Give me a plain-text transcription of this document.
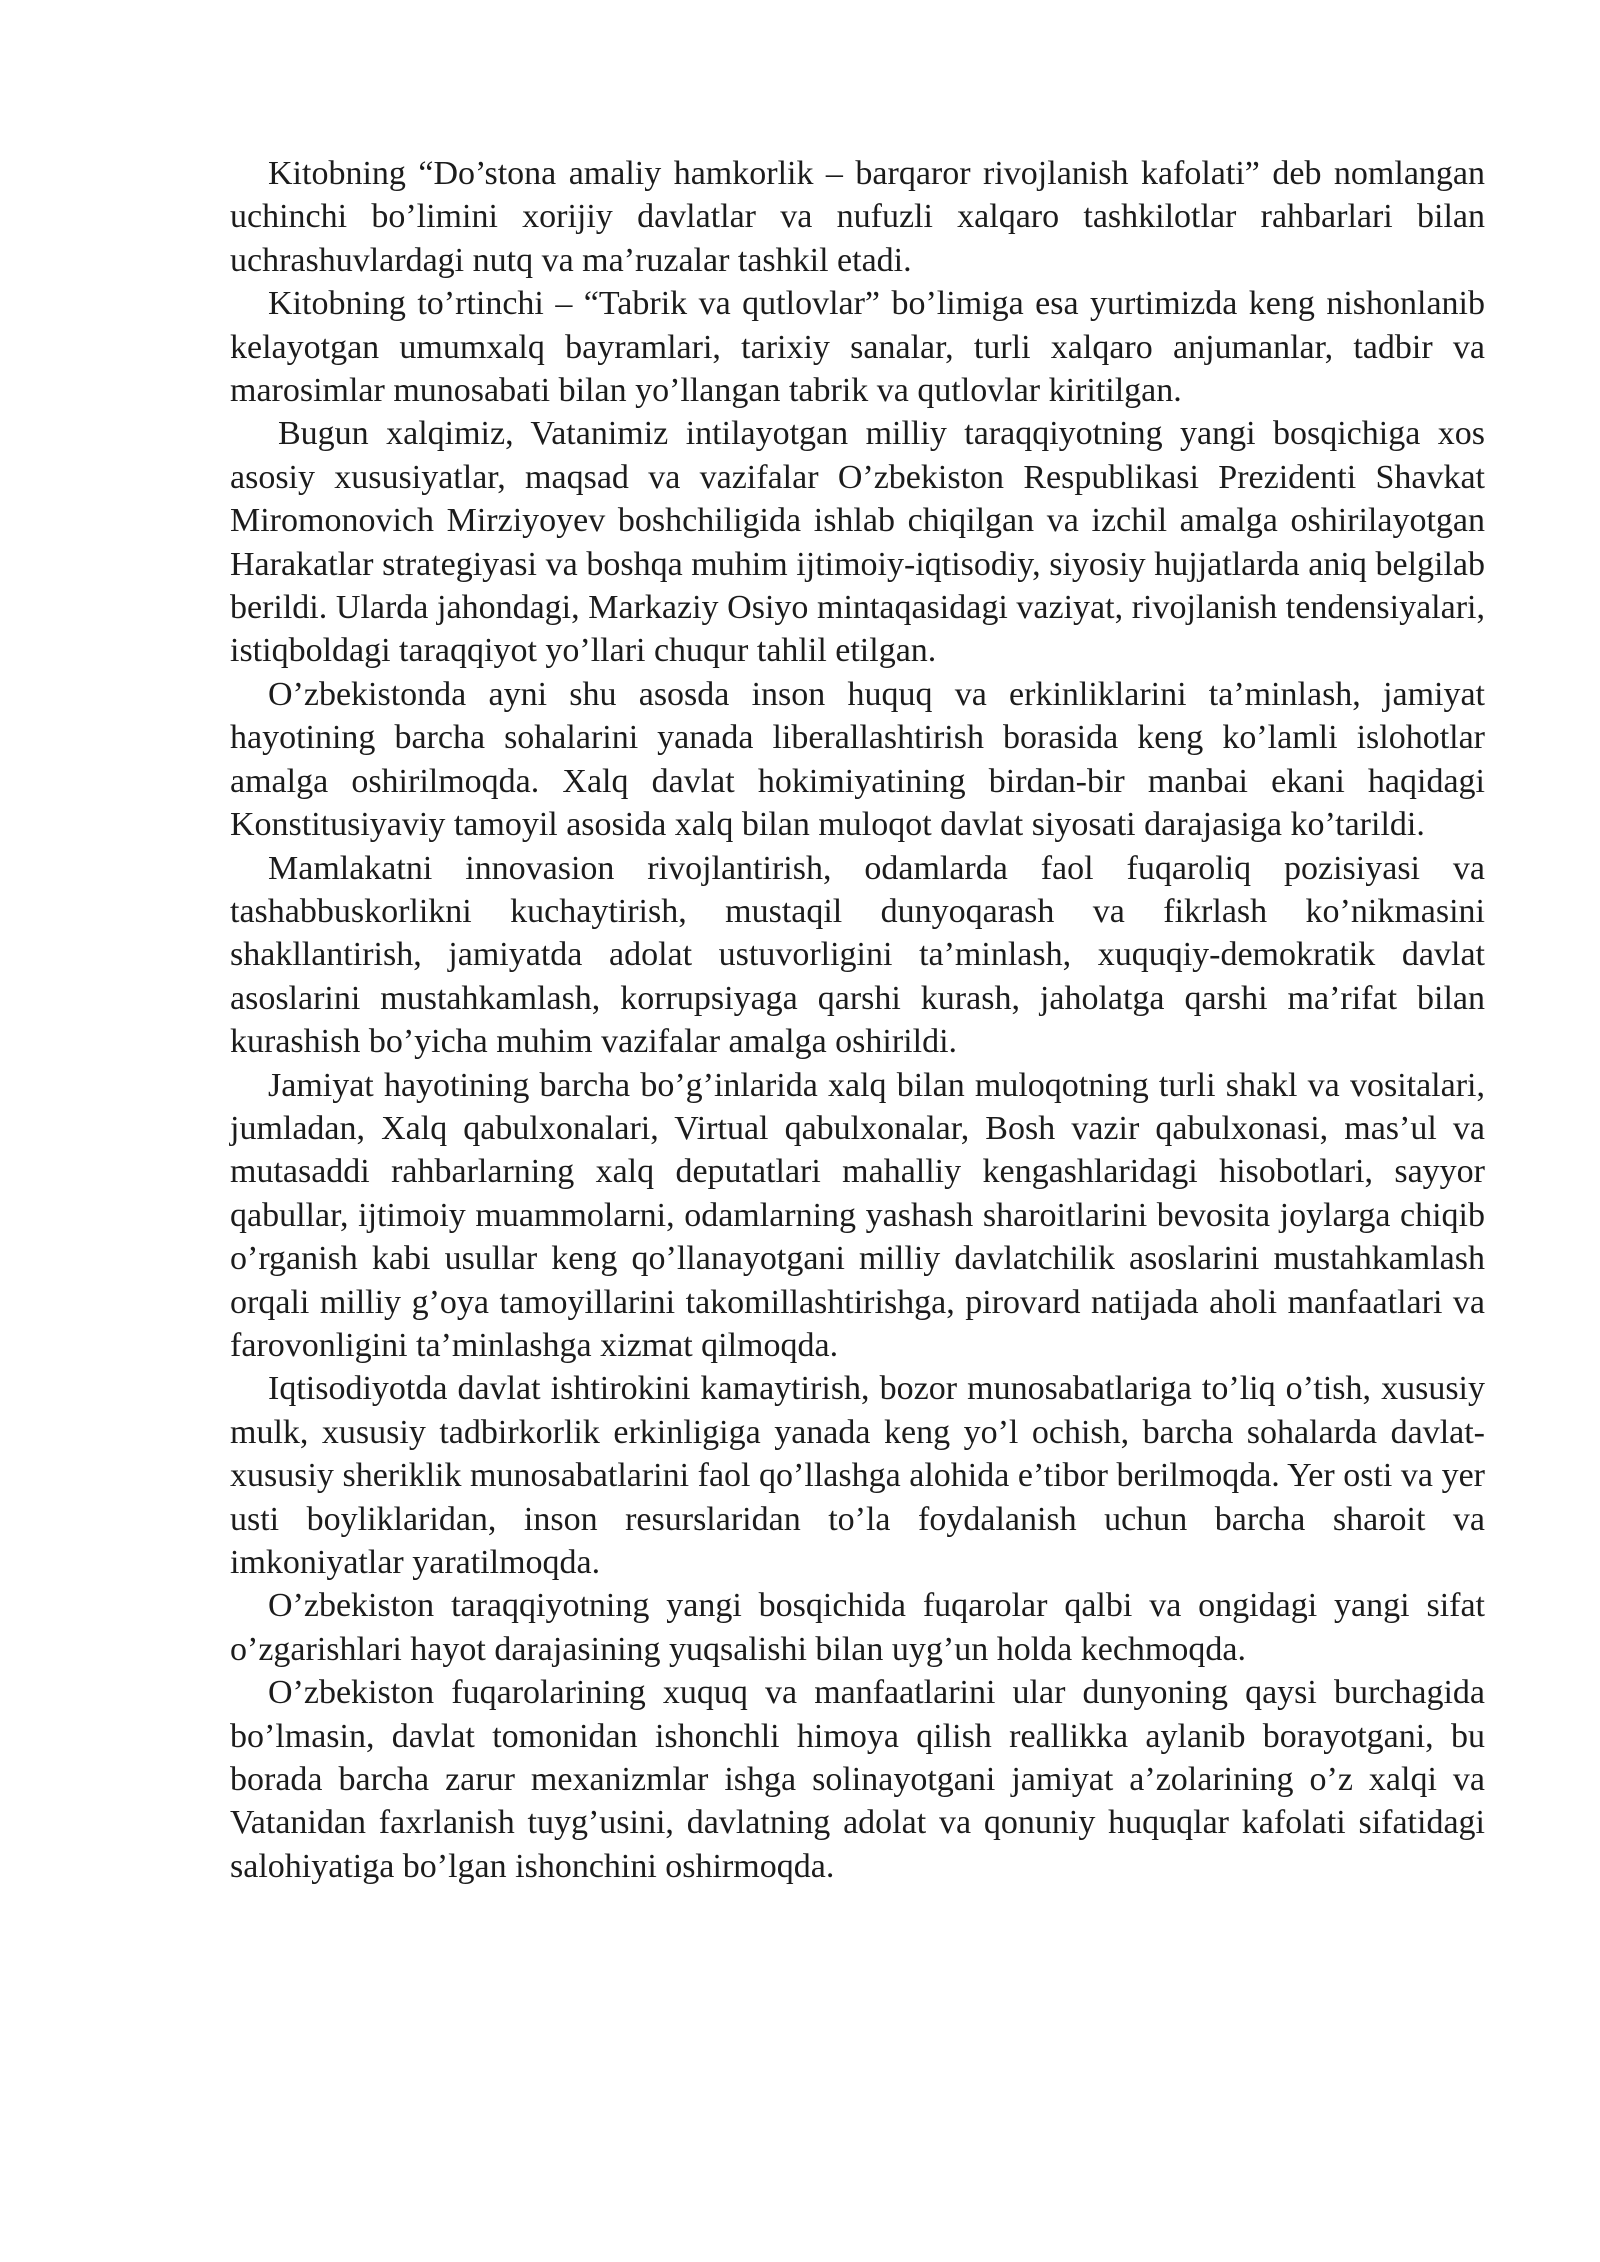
Kitobning “Do’stona amaliy hamkorlik – barqaror rivojlanish kafolati” deb nomlangan uchinchi bo’limini xorijiy davlatlar va nufuzli xalqaro tashkilotlar rahbarlari bilan uchrashuvlardagi nutq va ma’ruzalar tashkil etadi.

Kitobning to’rtinchi – “Tabrik va qutlovlar” bo’limiga esa yurtimizda keng nishonlanib kelayotgan umumxalq bayramlari, tarixiy sanalar, turli xalqaro anjumanlar, tadbir va marosimlar munosabati bilan yo’llangan tabrik va qutlovlar kiritilgan.

Bugun xalqimiz, Vatanimiz intilayotgan milliy taraqqiyotning yangi bosqichiga xos asosiy xususiyatlar, maqsad va vazifalar O’zbekiston Respublikasi Prezidenti Shavkat Miromonovich Mirziyoyev boshchiligida ishlab chiqilgan va izchil amalga oshirilayotgan Harakatlar strategiyasi va boshqa muhim ijtimoiy-iqtisodiy, siyosiy hujjatlarda aniq belgilab berildi. Ularda jahondagi, Markaziy Osiyo mintaqasidagi vaziyat, rivojlanish tendensiyalari, istiqboldagi taraqqiyot yo’llari chuqur tahlil etilgan.

O’zbekistonda ayni shu asosda inson huquq va erkinliklarini ta’minlash, jamiyat hayotining barcha sohalarini yanada liberallashtirish borasida keng ko’lamli islohotlar amalga oshirilmoqda. Xalq davlat hokimiyatining birdan-bir manbai ekani haqidagi Konstitusiyaviy tamoyil asosida xalq bilan muloqot davlat siyosati darajasiga ko’tarildi.

Mamlakatni innovasion rivojlantirish, odamlarda faol fuqaroliq pozisiyasi va tashabbuskorlikni kuchaytirish, mustaqil dunyoqarash va fikrlash ko’nikmasini shakllantirish, jamiyatda adolat ustuvorligini ta’minlash, xuquqiy-demokratik davlat asoslarini mustahkamlash, korrupsiyaga qarshi kurash, jaholatga qarshi ma’rifat bilan kurashish bo’yicha muhim vazifalar amalga oshirildi.

Jamiyat hayotining barcha bo’g’inlarida xalq bilan muloqotning turli shakl va vositalari, jumladan, Xalq qabulxonalari, Virtual qabulxonalar, Bosh vazir qabulxonasi, mas’ul va mutasaddi rahbarlarning xalq deputatlari mahalliy kengashlaridagi hisobotlari, sayyor qabullar, ijtimoiy muammolarni, odamlarning yashash sharoitlarini bevosita joylarga chiqib o’rganish kabi usullar keng qo’llanayotgani milliy davlatchilik asoslarini mustahkamlash orqali milliy g’oya tamoyillarini takomillashtirishga, pirovard natijada aholi manfaatlari va farovonligini ta’minlashga xizmat qilmoqda.

Iqtisodiyotda davlat ishtirokini kamaytirish, bozor munosabatlariga to’liq o’tish, xususiy mulk, xususiy tadbirkorlik erkinligiga yanada keng yo’l ochish, barcha sohalarda davlat-xususiy sheriklik munosabatlarini faol qo’llashga alohida e’tibor berilmoqda. Yer osti va yer usti boyliklaridan, inson resurslaridan to’la foydalanish uchun barcha sharoit va imkoniyatlar yaratilmoqda.

O’zbekiston taraqqiyotning yangi bosqichida fuqarolar qalbi va ongidagi yangi sifat o’zgarishlari hayot darajasining yuqsalishi bilan uyg’un holda kechmoqda.

O’zbekiston fuqarolarining xuquq va manfaatlarini ular dunyoning qaysi burchagida bo’lmasin, davlat tomonidan ishonchli himoya qilish reallikka aylanib borayotgani, bu borada barcha zarur mexanizmlar ishga solinayotgani jamiyat a’zolarining o’z xalqi va Vatanidan faxrlanish tuyg’usini, davlatning adolat va qonuniy huquqlar kafolati sifatidagi salohiyatiga bo’lgan ishonchini oshirmoqda.
